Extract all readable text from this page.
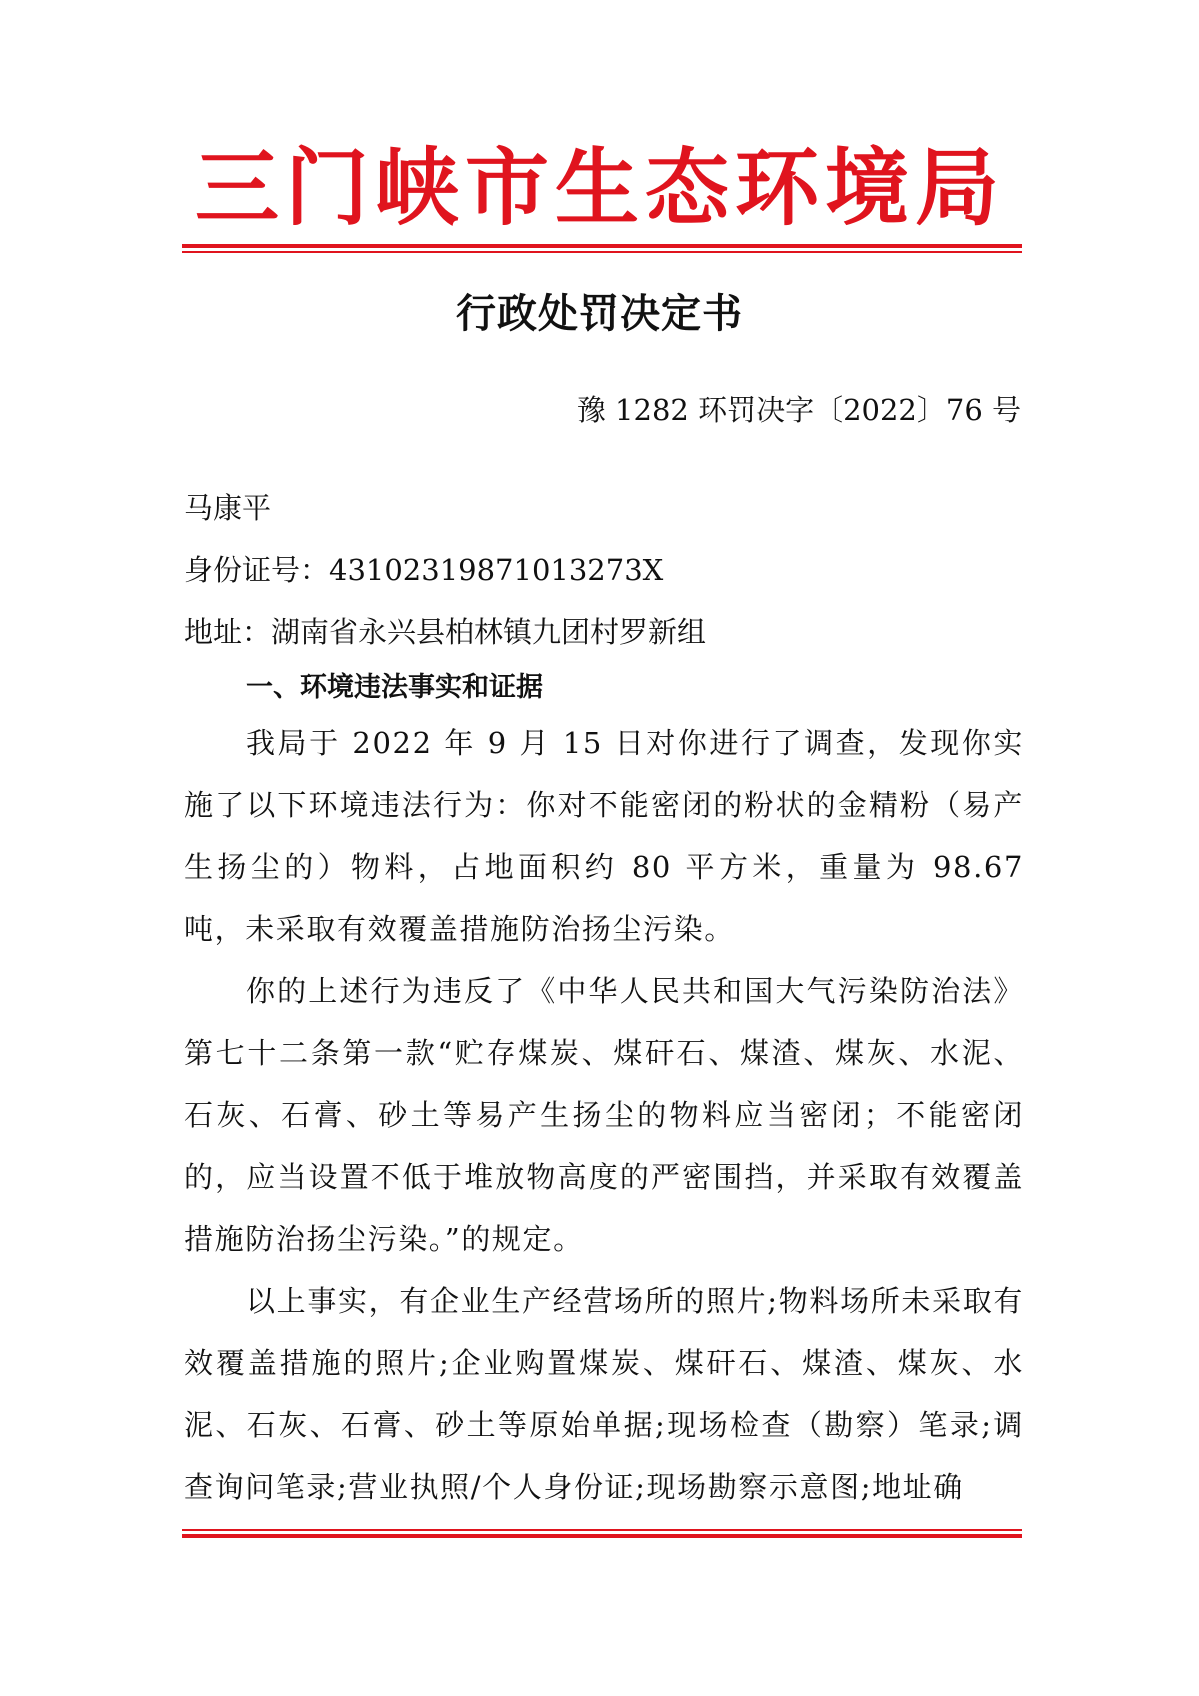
三门峡市生态环境局
行政处罚决定书
豫 1282 环罚决字〔2022〕76 号
马康平
身份证号：43102319871013273X
地址：湖南省永兴县柏林镇九团村罗新组
一、环境违法事实和证据
我局于 2022 年 9 月 15 日对你进行了调查，发现你实施了以下环境违法行为：你对不能密闭的粉状的金精粉（易产生扬尘的）物料，占地面积约 80 平方米，重量为 98.67 吨，未采取有效覆盖措施防治扬尘污染。
你的上述行为违反了《中华人民共和国大气污染防治法》第七十二条第一款“贮存煤炭、煤矸石、煤渣、煤灰、水泥、石灰、石膏、砂土等易产生扬尘的物料应当密闭；不能密闭的，应当设置不低于堆放物高度的严密围挡，并采取有效覆盖措施防治扬尘污染。”的规定。
以上事实，有企业生产经营场所的照片;物料场所未采取有效覆盖措施的照片;企业购置煤炭、煤矸石、煤渣、煤灰、水泥、石灰、石膏、砂土等原始单据;现场检查（勘察）笔录;调查询问笔录;营业执照/个人身份证;现场勘察示意图;地址确
